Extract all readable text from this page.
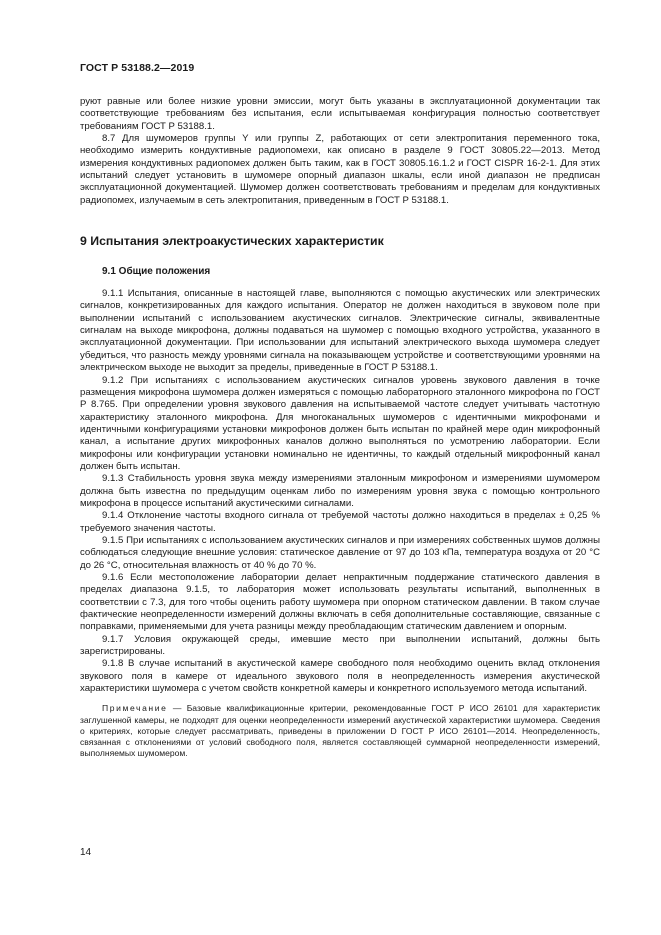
ГОСТ Р 53188.2—2019

руют равные или более низкие уровни эмиссии, могут быть указаны в эксплуатационной документации так соответствующие требованиям без испытания, если испытываемая конфигурация полностью соответствует требованиям ГОСТ Р 53188.1.

8.7 Для шумомеров группы Y или группы Z, работающих от сети электропитания переменного тока, необходимо измерить кондуктивные радиопомехи, как описано в разделе 9 ГОСТ 30805.22—2013. Метод измерения кондуктивных радиопомех должен быть таким, как в ГОСТ 30805.16.1.2 и ГОСТ CISPR 16-2-1. Для этих испытаний следует установить в шумомере опорный диапазон шкалы, если иной диапазон не предписан эксплуатационной документацией. Шумомер должен соответствовать требованиям и пределам для кондуктивных радиопомех, излучаемым в сеть электропитания, приведенным в ГОСТ Р 53188.1.

9 Испытания электроакустических характеристик
9.1 Общие положения

9.1.1 Испытания, описанные в настоящей главе, выполняются с помощью акустических или электрических сигналов, конкретизированных для каждого испытания. Оператор не должен находиться в звуковом поле при выполнении испытаний с использованием акустических сигналов. Электрические сигналы, эквивалентные сигналам на выходе микрофона, должны подаваться на шумомер с помощью входного устройства, указанного в эксплуатационной документации. При использовании для испытаний электрического выхода шумомера следует убедиться, что разность между уровнями сигнала на показывающем устройстве и соответствующими уровнями на электрическом выходе не выходит за пределы, приведенные в ГОСТ Р 53188.1.

9.1.2 При испытаниях с использованием акустических сигналов уровень звукового давления в точке размещения микрофона шумомера должен измеряться с помощью лабораторного эталонного микрофона по ГОСТ Р 8.765. При определении уровня звукового давления на испытываемой частоте следует учитывать частотную характеристику эталонного микрофона. Для многоканальных шумомеров с идентичными микрофонами и идентичными конфигурациями установки микрофонов должен быть испытан по крайней мере один микрофонный канал, а испытание других микрофонных каналов должно выполняться по усмотрению лаборатории. Если микрофоны или конфигурации установки номинально не идентичны, то каждый отдельный микрофонный канал должен быть испытан.

9.1.3 Стабильность уровня звука между измерениями эталонным микрофоном и измерениями шумомером должна быть известна по предыдущим оценкам либо по измерениям уровня звука с помощью контрольного микрофона в процессе испытаний акустическими сигналами.

9.1.4 Отклонение частоты входного сигнала от требуемой частоты должно находиться в пределах ± 0,25 % требуемого значения частоты.

9.1.5 При испытаниях с использованием акустических сигналов и при измерениях собственных шумов должны соблюдаться следующие внешние условия: статическое давление от 97 до 103 кПа, температура воздуха от 20 °С до 26 °С, относительная влажность от 40 % до 70 %.

9.1.6 Если местоположение лаборатории делает непрактичным поддержание статического давления в пределах диапазона 9.1.5, то лаборатория может использовать результаты испытаний, выполненных в соответствии с 7.3, для того чтобы оценить работу шумомера при опорном статическом давлении. В таком случае фактические неопределенности измерений должны включать в себя дополнительные составляющие, связанные с поправками, применяемыми для учета разницы между преобладающим статическим давлением и опорным.

9.1.7 Условия окружающей среды, имевшие место при выполнении испытаний, должны быть зарегистрированы.

9.1.8 В случае испытаний в акустической камере свободного поля необходимо оценить вклад отклонения звукового поля в камере от идеального звукового поля в неопределенность измерения акустической характеристики шумомера с учетом свойств конкретной камеры и конкретного используемого метода испытаний.

Примечание — Базовые квалификационные критерии, рекомендованные ГОСТ Р ИСО 26101 для характеристик заглушенной камеры, не подходят для оценки неопределенности измерений акустической характеристики шумомера. Сведения о критериях, которые следует рассматривать, приведены в приложении D ГОСТ Р ИСО 26101—2014. Неопределенность, связанная с отклонениями от условий свободного поля, является составляющей суммарной неопределенности измерений, выполняемых шумомером.

14
